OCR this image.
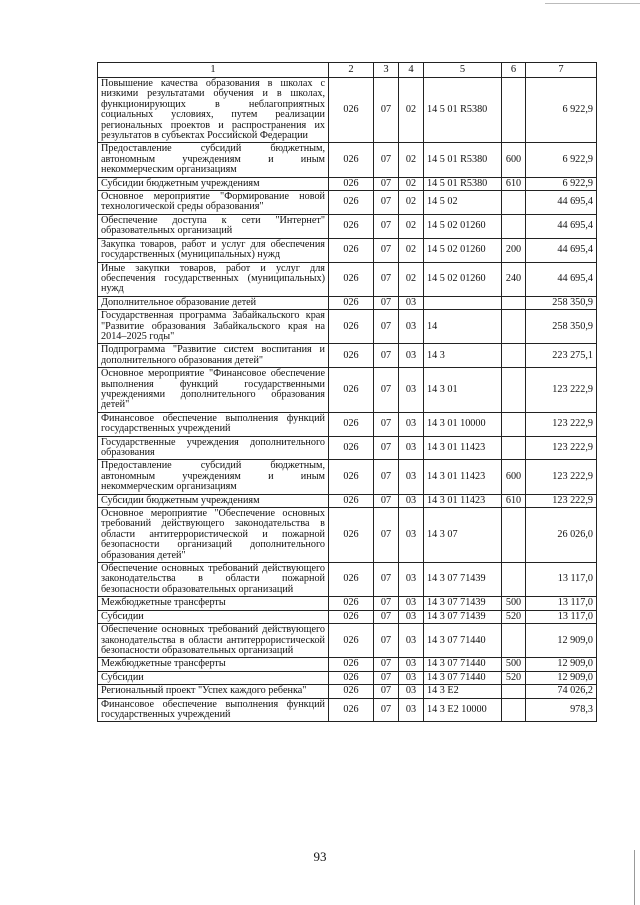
1	2	3	4	5	6	7
Повышение качества образования в школах с низкими результатами обучения и в школах, функционирующих в неблагоприятных социальных условиях, путем реализации региональных проектов и распространения их результатов в субъектах Российской Федерации	026	07	02	14 5 01 R5380		6 922,9
Предоставление субсидий бюджетным, автономным учреждениям и иным некоммерческим организациям	026	07	02	14 5 01 R5380	600	6 922,9
Субсидии бюджетным учреждениям	026	07	02	14 5 01 R5380	610	6 922,9
Основное мероприятие "Формирование новой технологической среды образования"	026	07	02	14 5 02		44 695,4
Обеспечение доступа к сети "Интернет" образовательных организаций	026	07	02	14 5 02 01260		44 695,4
Закупка товаров, работ и услуг для обеспечения государственных (муниципальных) нужд	026	07	02	14 5 02 01260	200	44 695,4
Иные закупки товаров, работ и услуг для обеспечения государственных (муниципальных) нужд	026	07	02	14 5 02 01260	240	44 695,4
Дополнительное образование детей	026	07	03			258 350,9
Государственная программа Забайкальского края "Развитие образования Забайкальского края на 2014–2025 годы"	026	07	03	14		258 350,9
Подпрограмма "Развитие систем воспитания и дополнительного образования детей"	026	07	03	14 3		223 275,1
Основное мероприятие "Финансовое обеспечение выполнения функций государственными учреждениями дополнительного образования детей"	026	07	03	14 3 01		123 222,9
Финансовое обеспечение выполнения функций государственных учреждений	026	07	03	14 3 01 10000		123 222,9
Государственные учреждения дополнительного образования	026	07	03	14 3 01 11423		123 222,9
Предоставление субсидий бюджетным, автономным учреждениям и иным некоммерческим организациям	026	07	03	14 3 01 11423	600	123 222,9
Субсидии бюджетным учреждениям	026	07	03	14 3 01 11423	610	123 222,9
Основное мероприятие "Обеспечение основных требований действующего законодательства в области антитеррористической и пожарной безопасности организаций дополнительного образования детей"	026	07	03	14 3 07		26 026,0
Обеспечение основных требований действующего законодательства в области пожарной безопасности образовательных организаций	026	07	03	14 3 07 71439		13 117,0
Межбюджетные трансферты	026	07	03	14 3 07 71439	500	13 117,0
Субсидии	026	07	03	14 3 07 71439	520	13 117,0
Обеспечение основных требований действующего законодательства в области антитеррористической безопасности образовательных организаций	026	07	03	14 3 07 71440		12 909,0
Межбюджетные трансферты	026	07	03	14 3 07 71440	500	12 909,0
Субсидии	026	07	03	14 3 07 71440	520	12 909,0
Региональный проект "Успех каждого ребенка"	026	07	03	14 3 E2		74 026,2
Финансовое обеспечение выполнения функций государственных учреждений	026	07	03	14 3 E2 10000		978,3
93
